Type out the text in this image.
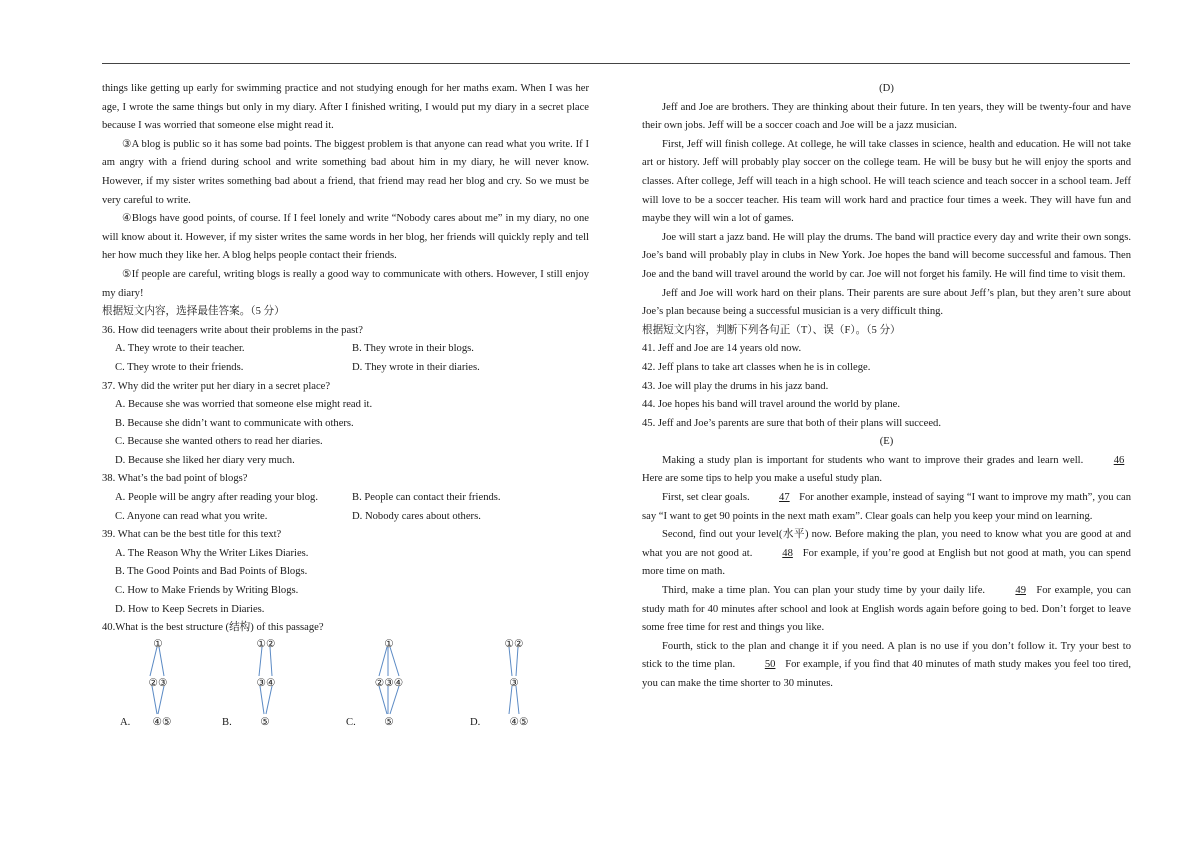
things like getting up early for swimming practice and not studying enough for her maths exam. When I was her age, I wrote the same things but only in my diary. After I finished writing, I would put my diary in a secret place because I was worried that someone else might read it.

③A blog is public so it has some bad points. The biggest problem is that anyone can read what you write. If I am angry with a friend during school and write something bad about him in my diary, he will never know. However, if my sister writes something bad about a friend, that friend may read her blog and cry. So we must be very careful to write.

④Blogs have good points, of course. If I feel lonely and write “Nobody cares about me” in my diary, no one will know about it. However, if my sister writes the same words in her blog, her friends will quickly reply and tell her how much they like her. A blog helps people contact their friends.

⑤If people are careful, writing blogs is really a good way to communicate with others. However, I still enjoy my diary!

根据短文内容，选择最佳答案。（5 分）

36. How did teenagers write about their problems in the past?

A. They wrote to their teacher.	B. They wrote in their blogs.
C. They wrote to their friends.	D. They wrote in their diaries.

37. Why did the writer put her diary in a secret place?

A. Because she was worried that someone else might read it.

B. Because she didn’t want to communicate with others.

C. Because she wanted others to read her diaries.

D. Because she liked her diary very much.

38. What’s the bad point of blogs?

A. People will be angry after reading your blog.	B. People can contact their friends.
C. Anyone can read what you write.	D. Nobody cares about others.

39. What can be the best title for this text?

A. The Reason Why the Writer Likes Diaries.

B. The Good Points and Bad Points of Blogs.

C. How to Make Friends by Writing Blogs.

D. How to Keep Secrets in Diaries.

40.What is the best structure (结构) of this passage?

①
②③
④⑤
A.
①②
③④
⑤
B.
①
②③④
⑤
C.
①②
③
④⑤
D.

(D)

Jeff and Joe are brothers. They are thinking about their future. In ten years, they will be twenty-four and have their own jobs. Jeff will be a soccer coach and Joe will be a jazz musician.

First, Jeff will finish college. At college, he will take classes in science, health and education. He will not take art or history. Jeff will probably play soccer on the college team. He will be busy but he will enjoy the sports and classes. After college, Jeff will teach in a high school. He will teach science and teach soccer in a school team. Jeff will love to be a soccer teacher. His team will work hard and practice four times a week. They will have fun and maybe they will win a lot of games.

Joe will start a jazz band. He will play the drums. The band will practice every day and write their own songs. Joe’s band will probably play in clubs in New York. Joe hopes the band will become successful and famous. Then Joe and the band will travel around the world by car. Joe will not forget his family. He will find time to visit them.

Jeff and Joe will work hard on their plans. Their parents are sure about Jeff’s plan, but they aren’t sure about Joe’s plan because being a successful musician is a very difficult thing.

根据短文内容，判断下列各句正（T）、误（F）。（5 分）

41. Jeff and Joe are 14 years old now.

42. Jeff plans to take art classes when he is in college.

43. Joe will play the drums in his jazz band.

44. Joe hopes his band will travel around the world by plane.

45. Jeff and Joe’s parents are sure that both of their plans will succeed.

(E)

Making a study plan is important for students who want to improve their grades and learn well.	46 Here are some tips to help you make a useful study plan.

First, set clear goals.	47 For another example, instead of saying “I want to improve my math”, you can say “I want to get 90 points in the next math exam”. Clear goals can help you keep your mind on learning.

Second, find out your level(水平) now. Before making the plan, you need to know what you are good at and what you are not good at.	48 For example, if you’re good at English but not good at math, you can spend more time on math.

Third, make a time plan. You can plan your study time by your daily life.	49 For example, you can study math for 40 minutes after school and look at English words again before going to bed. Don’t forget to leave some free time for rest and things you like.

Fourth, stick to the plan and change it if you need. A plan is no use if you don’t follow it. Try your best to stick to the time plan.	50 For example, if you find that 40 minutes of math study makes you feel too tired, you can make the time shorter to 30 minutes.
